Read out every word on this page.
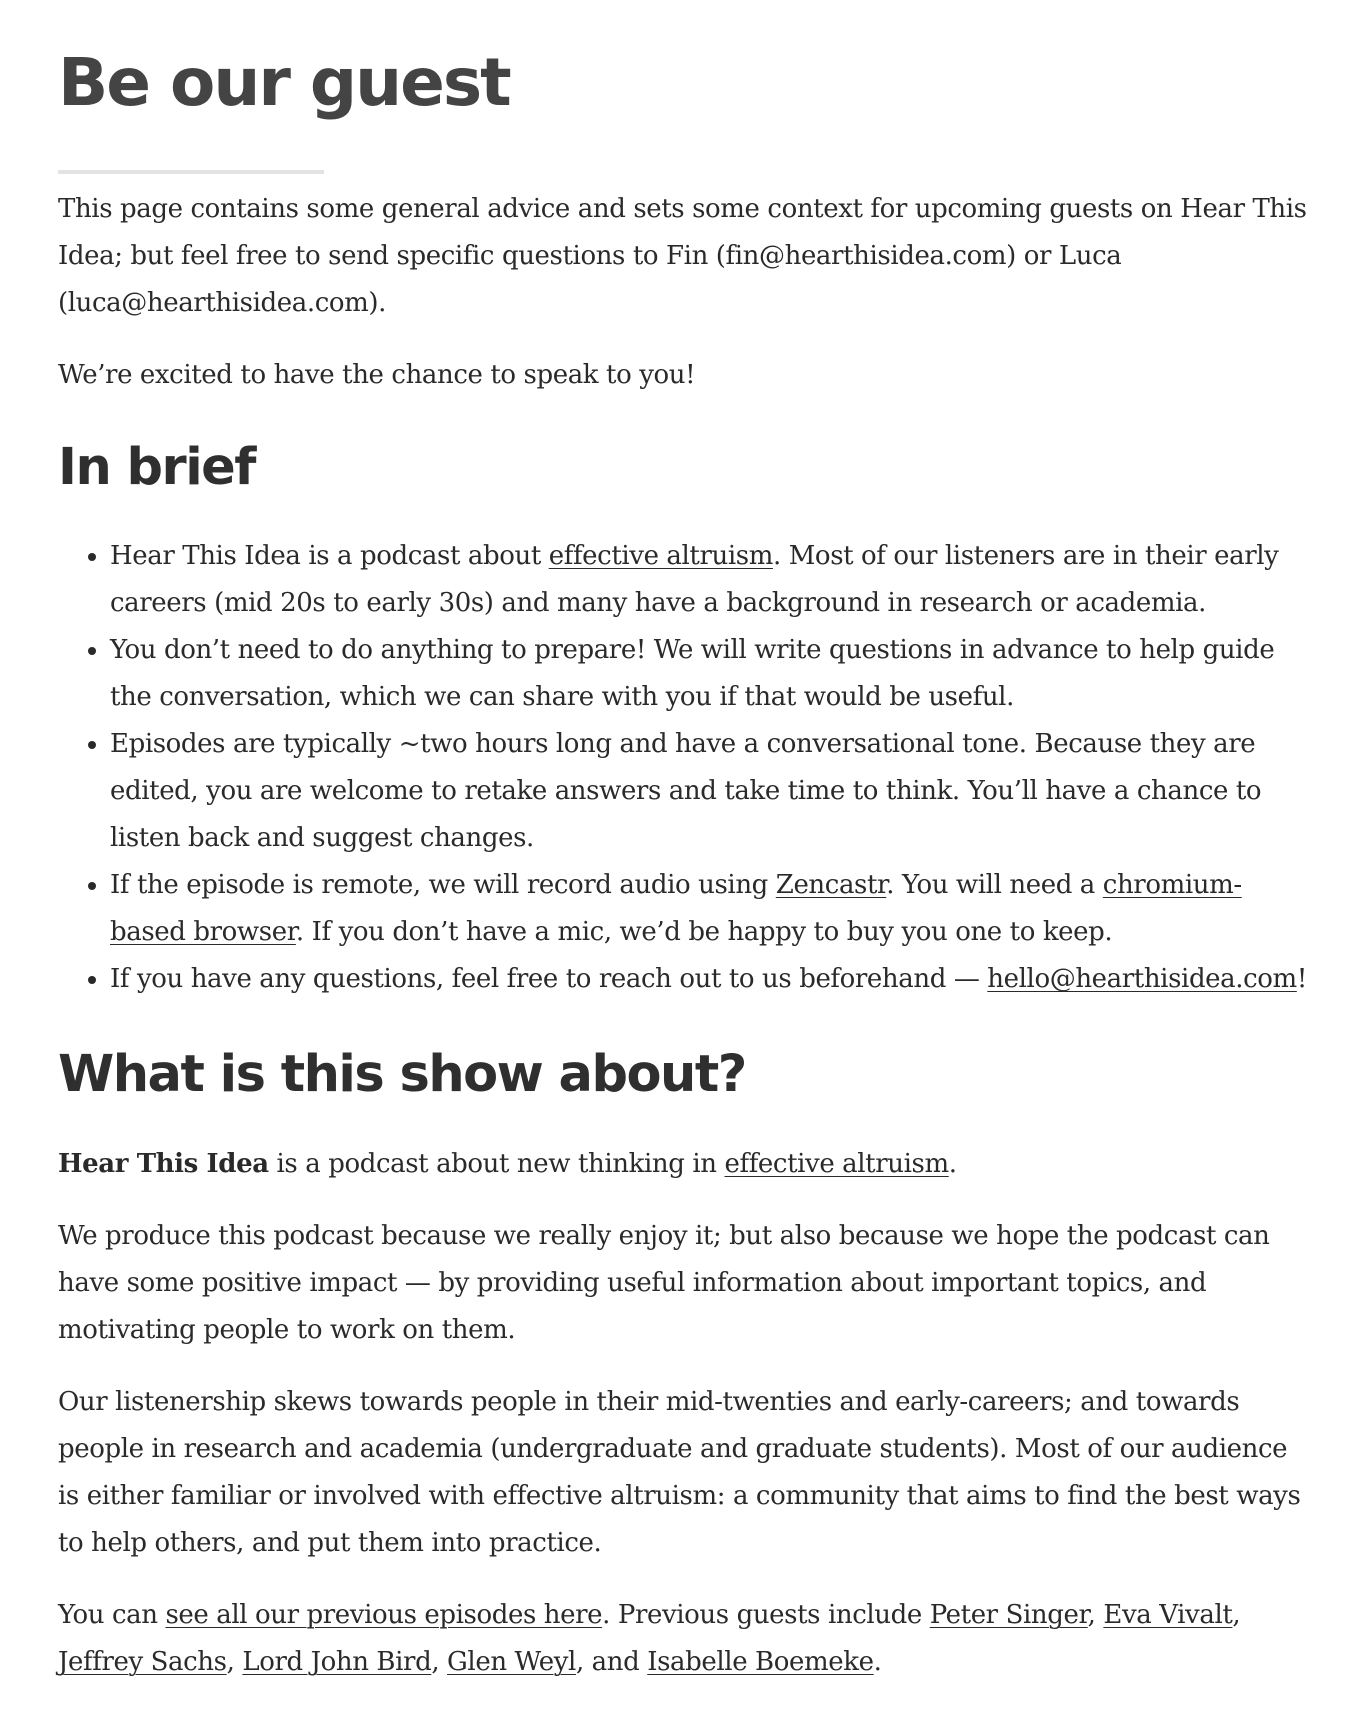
Be our guest

This page contains some general advice and sets some context for upcoming guests on Hear This Idea; but feel free to send specific questions to Fin (fin@hearthisidea.com) or Luca (luca@hearthisidea.com).

We’re excited to have the chance to speak to you!

In brief
• Hear This Idea is a podcast about effective altruism. Most of our listeners are in their early careers (mid 20s to early 30s) and many have a background in research or academia.
• You don’t need to do anything to prepare! We will write questions in advance to help guide the conversation, which we can share with you if that would be useful.
• Episodes are typically ~two hours long and have a conversational tone. Because they are edited, you are welcome to retake answers and take time to think. You’ll have a chance to listen back and suggest changes.
• If the episode is remote, we will record audio using Zencastr. You will need a chromium-based browser. If you don’t have a mic, we’d be happy to buy you one to keep.
• If you have any questions, feel free to reach out to us beforehand — hello@hearthisidea.com!
What is this show about?

Hear This Idea is a podcast about new thinking in effective altruism.

We produce this podcast because we really enjoy it; but also because we hope the podcast can have some positive impact — by providing useful information about important topics, and motivating people to work on them.

Our listenership skews towards people in their mid-twenties and early-careers; and towards people in research and academia (undergraduate and graduate students). Most of our audience is either familiar or involved with effective altruism: a community that aims to find the best ways to help others, and put them into practice.

You can see all our previous episodes here. Previous guests include Peter Singer, Eva Vivalt, Jeffrey Sachs, Lord John Bird, Glen Weyl, and Isabelle Boemeke.
